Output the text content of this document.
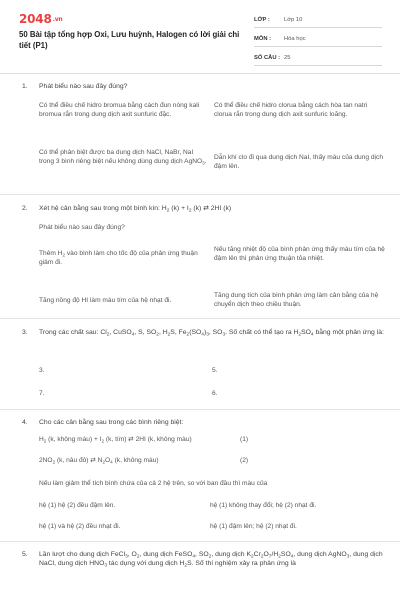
2048.vn
50 Bài tập tổng hợp Oxi, Lưu huỳnh, Halogen có lời giải chi tiết (P1)
LỚP :	Lớp 10
MÔN :	Hóa học
SỐ CÂU : 25
1.	Phát biểu nào sau đây đúng?
Có thể điều chế hidro bromua bằng cách đun nóng kali bromua rắn trong dung dịch axit sunfuric đặc.
Có thể điều chế hidro clorua bằng cách hòa tan natri clorua rắn trong dung dịch axit sunfuric loãng.
Có thể phân biệt được ba dung dịch NaCl, NaBr, NaI trong 3 bình riêng biệt nếu không dùng dung dịch AgNO$_3$.
Dẫn khí clo đi qua dung dịch NaI, thấy màu của dung dịch đậm lên.
2.	Xét hệ cân bằng sau trong một bình kín: $H_2$ $(k) + I_2$ (k) ⇄ 2HI (k)
Phát biểu nào sau đây đúng?
Thêm $H_2$ vào bình làm cho tốc độ của phản ứng thuận giảm đi.
Nếu tăng nhiệt độ của bình phản ứng thấy màu tím của hệ đậm lên thì phản ứng thuận tỏa nhiệt.
Tăng nồng độ HI làm màu tím của hệ nhạt đi.
Tăng dung tích của bình phản ứng làm cân bằng của hệ chuyển dịch theo chiều thuận.
3.	Trong các chất sau: $Cl_2$, CuSO$_4$, S, $SO_2$, $H_2S$, $Fe_2(SO_4)_3$, $SO_3$. Số chất có thể tạo ra $H_2SO_4$ bằng một phản ứng là:
3.	5.
7.	6.
4.	Cho các cân bằng sau trong các bình riêng biệt:
$H_2$ (k, không màu) + $I_2$ (k, tím) ⇄ 2HI (k, không màu)	(1)
$2NO_2$ (k, nâu đỏ) ⇄ $N_2O_4$ (k, không màu)	(2)
Nếu làm giảm thể tích bình chứa của cả 2 hệ trên, so với ban đầu thì màu của
hệ (1) hệ (2) đều đậm lên.	hệ (1) không thay đổi; hệ (2) nhạt đi.
hệ (1) và hệ (2) đều nhạt đi.	hệ (1) đậm lên; hệ (2) nhạt đi.
5.	Lần lượt cho dung dịch FeCl$_3$, $O_2$, dung dịch FeSO$_4$, $SO_2$, dung dịch $K_2Cr_2O_7/H_2SO_4$, dung dịch AgNO$_3$, dung dịch NaCl, dung dịch $HNO_3$ tác dụng với dung dịch $H_2S$. Số thí nghiệm xảy ra phản ứng là
